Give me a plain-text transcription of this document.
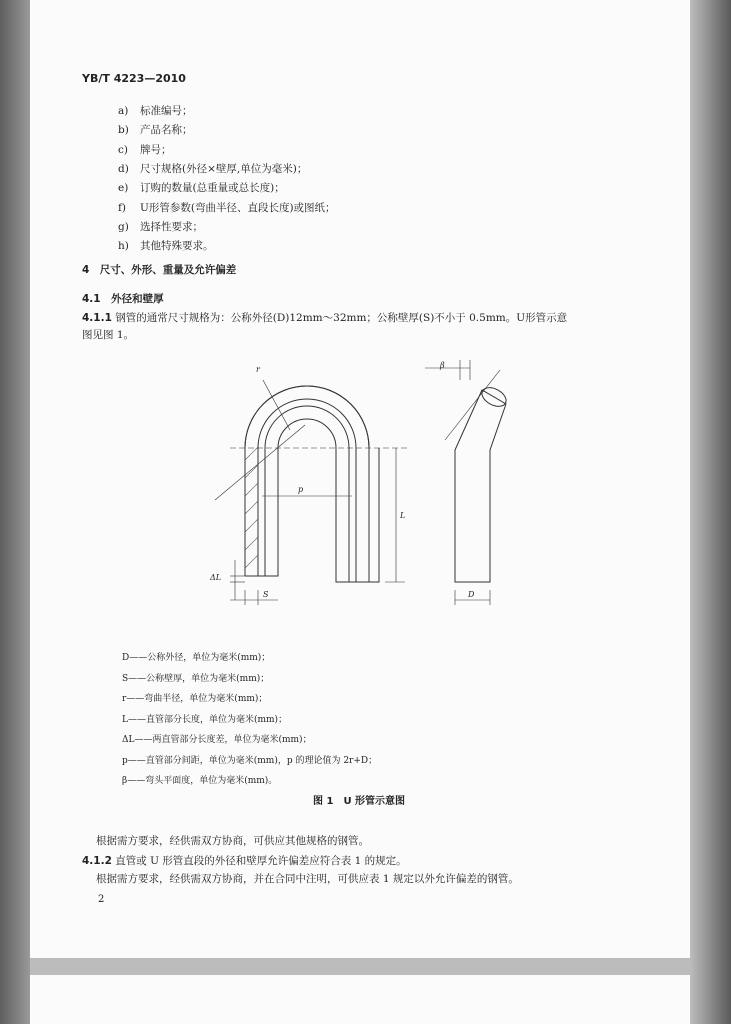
YB/T 4223—2010
a) 标准编号；
b) 产品名称；
c) 牌号；
d) 尺寸规格(外径×壁厚,单位为毫米)；
e) 订购的数量(总重量或总长度)；
f) U形管参数(弯曲半径、直段长度)或图纸；
g) 选择性要求；
h) 其他特殊要求。
4　尺寸、外形、重量及允许偏差
4.1　外径和壁厚
4.1.1 钢管的通常尺寸规格为：公称外径(D)12mm～32mm；公称壁厚(S)不小于 0.5mm。U形管示意
图见图 1。
r
p
L
S
ΔL
β
D
D——公称外径，单位为毫米(mm)；
S——公称壁厚，单位为毫米(mm)；
r——弯曲半径，单位为毫米(mm)；
L——直管部分长度，单位为毫米(mm)；
ΔL——两直管部分长度差，单位为毫米(mm)；
p——直管部分间距，单位为毫米(mm)，p 的理论值为 2r+D；
β——弯头平面度，单位为毫米(mm)。
图 1　U 形管示意图
根据需方要求，经供需双方协商，可供应其他规格的钢管。
4.1.2 直管或 U 形管直段的外径和壁厚允许偏差应符合表 1 的规定。
根据需方要求，经供需双方协商，并在合同中注明，可供应表 1 规定以外允许偏差的钢管。
2
